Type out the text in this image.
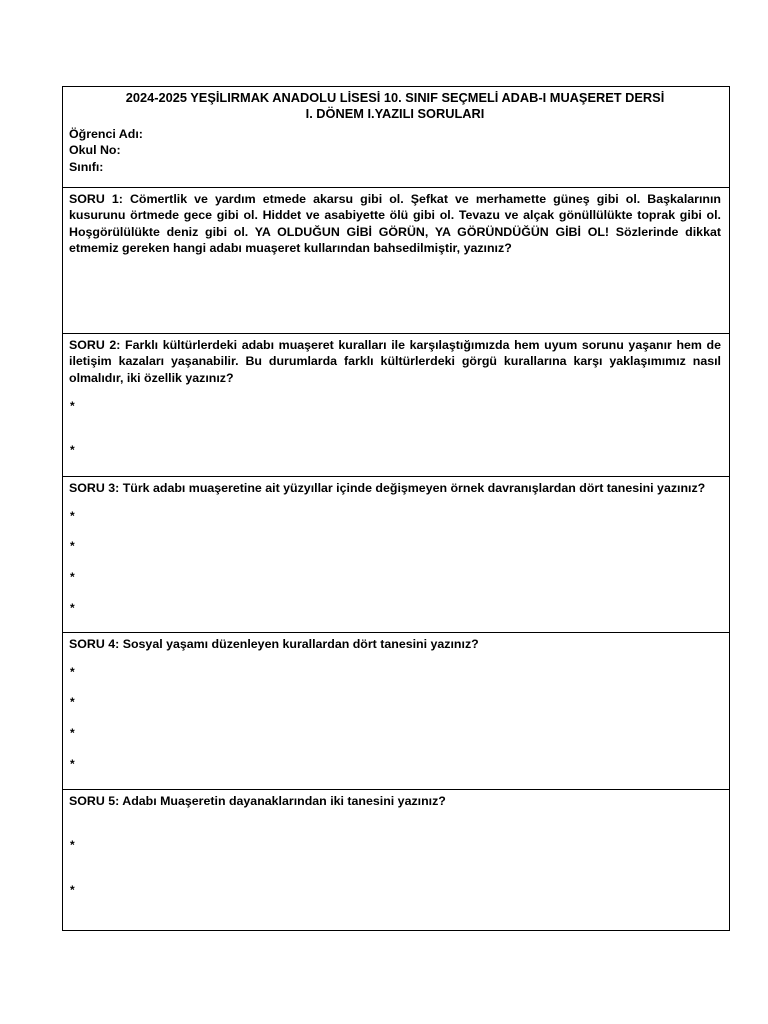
2024-2025 YEŞİLIRMAK ANADOLU LİSESİ 10. SINIF SEÇMELİ ADAB-I MUAŞERET DERSİ
I. DÖNEM I.YAZILI SORULARI
Öğrenci Adı:
Okul No:
Sınıfı:
SORU 1: Cömertlik ve yardım etmede akarsu gibi ol. Şefkat ve merhamette güneş gibi ol. Başkalarının kusurunu örtmede gece gibi ol. Hiddet ve asabiyette ölü gibi ol. Tevazu ve alçak gönüllülükte toprak gibi ol. Hoşgörülülükte deniz gibi ol. YA OLDUĞUN GİBİ GÖRÜN, YA GÖRÜNDÜĞÜN GİBİ OL! Sözlerinde dikkat etmemiz gereken hangi adabı muaşeret kullarından bahsedilmiştir, yazınız?
SORU 2: Farklı kültürlerdeki adabı muaşeret kuralları ile karşılaştığımızda hem uyum sorunu yaşanır hem de iletişim kazaları yaşanabilir. Bu durumlarda farklı kültürlerdeki görgü kurallarına karşı yaklaşımımız nasıl olmalıdır, iki özellik yazınız?
*
*
SORU 3: Türk adabı muaşeretine ait yüzyıllar içinde değişmeyen örnek davranışlardan dört tanesini yazınız?
*
*
*
*
SORU 4: Sosyal yaşamı düzenleyen kurallardan dört tanesini yazınız?
*
*
*
*
SORU 5: Adabı Muaşeretin dayanaklarından iki tanesini yazınız?
*
*
